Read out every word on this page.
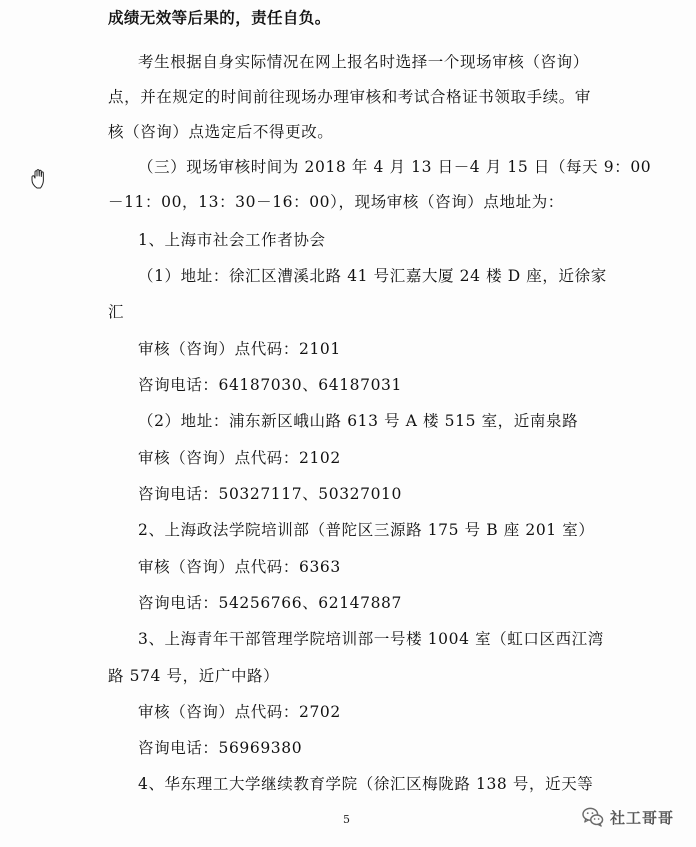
成绩无效等后果的，责任自负。
考生根据自身实际情况在网上报名时选择一个现场审核（咨询）
点，并在规定的时间前往现场办理审核和考试合格证书领取手续。审
核（咨询）点选定后不得更改。
（三）现场审核时间为 2018 年 4 月 13 日－4 月 15 日（每天 9：00
－11：00，13：30－16：00），现场审核（咨询）点地址为：
1、上海市社会工作者协会
（1）地址：徐汇区漕溪北路 41 号汇嘉大厦 24 楼 D 座，近徐家
汇
审核（咨询）点代码：2101
咨询电话：64187030、64187031
（2）地址：浦东新区峨山路 613 号 A 楼 515 室，近南泉路
审核（咨询）点代码：2102
咨询电话：50327117、50327010
2、上海政法学院培训部（普陀区三源路 175 号 B 座 201 室）
审核（咨询）点代码：6363
咨询电话：54256766、62147887
3、上海青年干部管理学院培训部一号楼 1004 室（虹口区西江湾
路 574 号，近广中路）
审核（咨询）点代码：2702
咨询电话：56969380
4、华东理工大学继续教育学院（徐汇区梅陇路 138 号，近天等
5	社工哥哥
